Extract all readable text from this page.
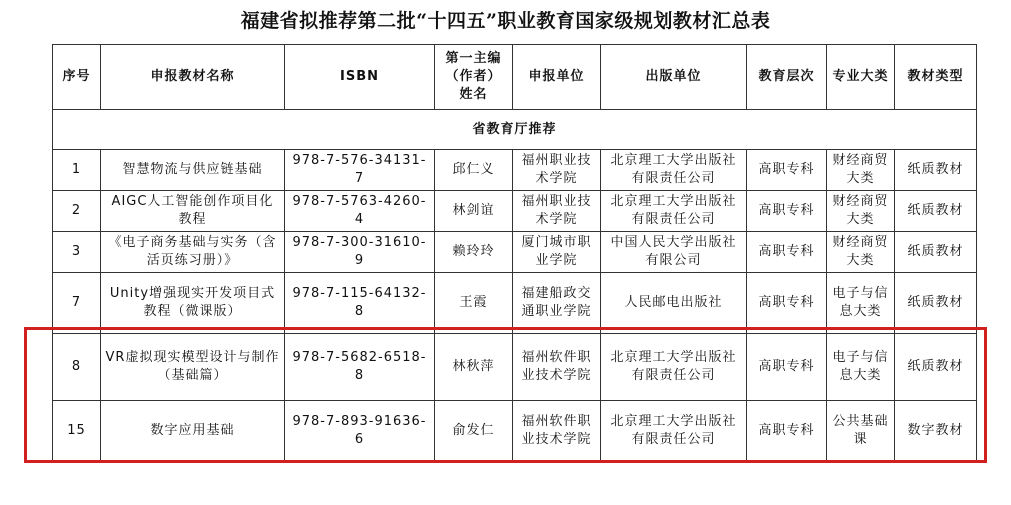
福建省拟推荐第二批“十四五”职业教育国家级规划教材汇总表
序号	申报教材名称	ISBN	第一主编（作者）姓名	申报单位	出版单位	教育层次	专业大类	教材类型
省教育厅推荐								
1	智慧物流与供应链基础	978-7-576-34131-7	邱仁义	福州职业技术学院	北京理工大学出版社有限责任公司	高职专科	财经商贸大类	纸质教材
2	AIGC人工智能创作项目化教程	978-7-5763-4260-4	林剑谊	福州职业技术学院	北京理工大学出版社有限责任公司	高职专科	财经商贸大类	纸质教材
3	《电子商务基础与实务（含活页练习册）》	978-7-300-31610-9	赖玲玲	厦门城市职业学院	中国人民大学出版社有限公司	高职专科	财经商贸大类	纸质教材
7	Unity增强现实开发项目式教程（微课版）	978-7-115-64132-8	王霞	福建船政交通职业学院	人民邮电出版社	高职专科	电子与信息大类	纸质教材
8	VR虚拟现实模型设计与制作（基础篇）	978-7-5682-6518-8	林秋萍	福州软件职业技术学院	北京理工大学出版社有限责任公司	高职专科	电子与信息大类	纸质教材
15	数字应用基础	978-7-893-91636-6	俞发仁	福州软件职业技术学院	北京理工大学出版社有限责任公司	高职专科	公共基础课	数字教材
